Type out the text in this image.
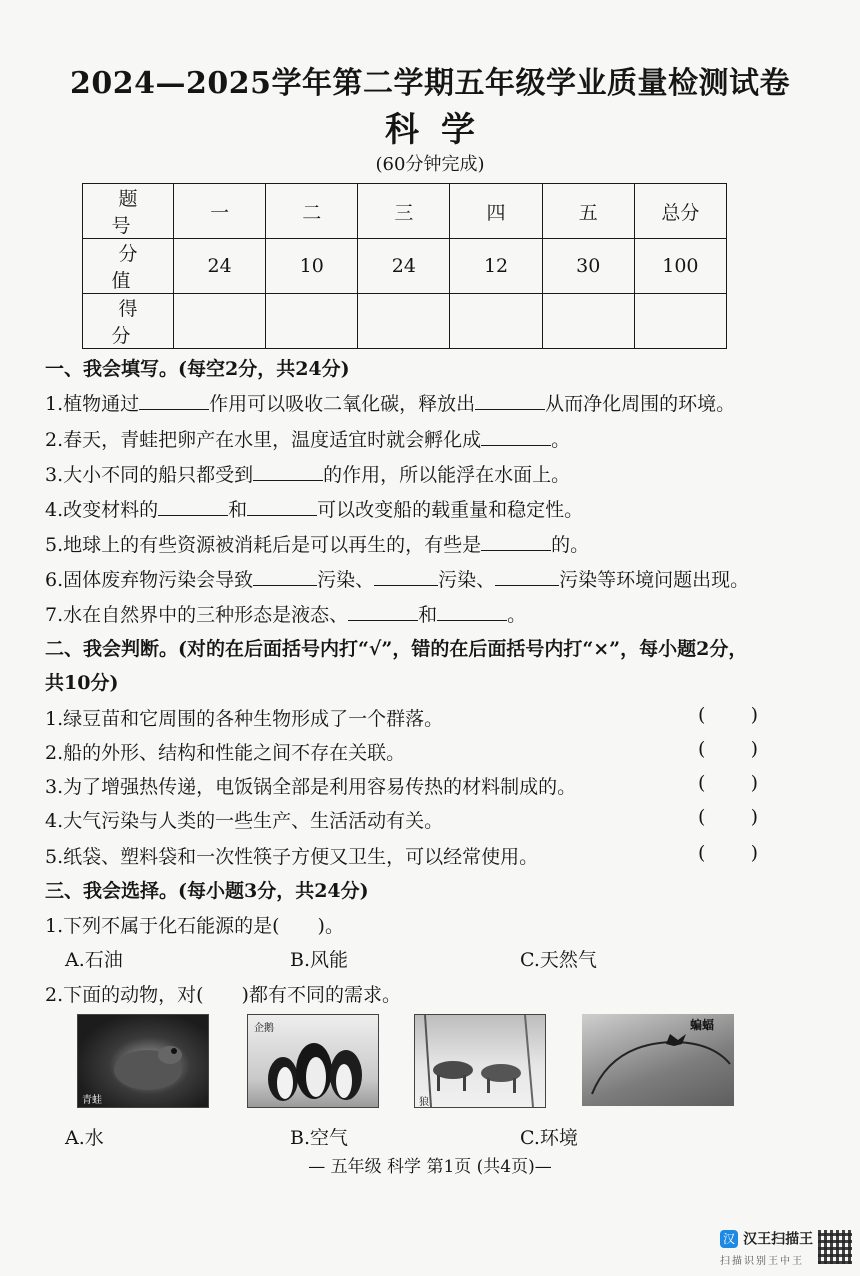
2024—2025学年第二学期五年级学业质量检测试卷
科学
(60分钟完成)
题 号	一	二	三	四	五	总分
分 值	24	10	24	12	30	100
得 分						
一、我会填写。(每空2分，共24分)
1.植物通过	作用可以吸收二氧化碳，释放出	从而净化周围的环境。
2.春天，青蛙把卵产在水里，温度适宜时就会孵化成	。
3.大小不同的船只都受到	的作用，所以能浮在水面上。
4.改变材料的	和	可以改变船的载重量和稳定性。
5.地球上的有些资源被消耗后是可以再生的，有些是	的。
6.固体废弃物污染会导致	污染、	污染、	污染等环境问题出现。
7.水在自然界中的三种形态是液态、	和	。
二、我会判断。(对的在后面括号内打“√”，错的在后面括号内打“×”，每小题2分，
共10分)
1.绿豆苗和它周围的各种生物形成了一个群落。	( )
2.船的外形、结构和性能之间不存在关联。	( )
3.为了增强热传递，电饭锅全部是利用容易传热的材料制成的。	( )
4.大气污染与人类的一些生产、生活活动有关。	( )
5.纸袋、塑料袋和一次性筷子方便又卫生，可以经常使用。	( )
三、我会选择。(每小题3分，共24分)
1.下列不属于化石能源的是(　　)。
A.石油	B.风能	C.天然气
2.下面的动物，对(　　)都有不同的需求。
青蛙
企鹅
狼
蝙蝠
A.水	B.空气	C.环境
— 五年级 科学 第1页 (共4页)—
汉 汉王扫描王
扫描识别王中王
